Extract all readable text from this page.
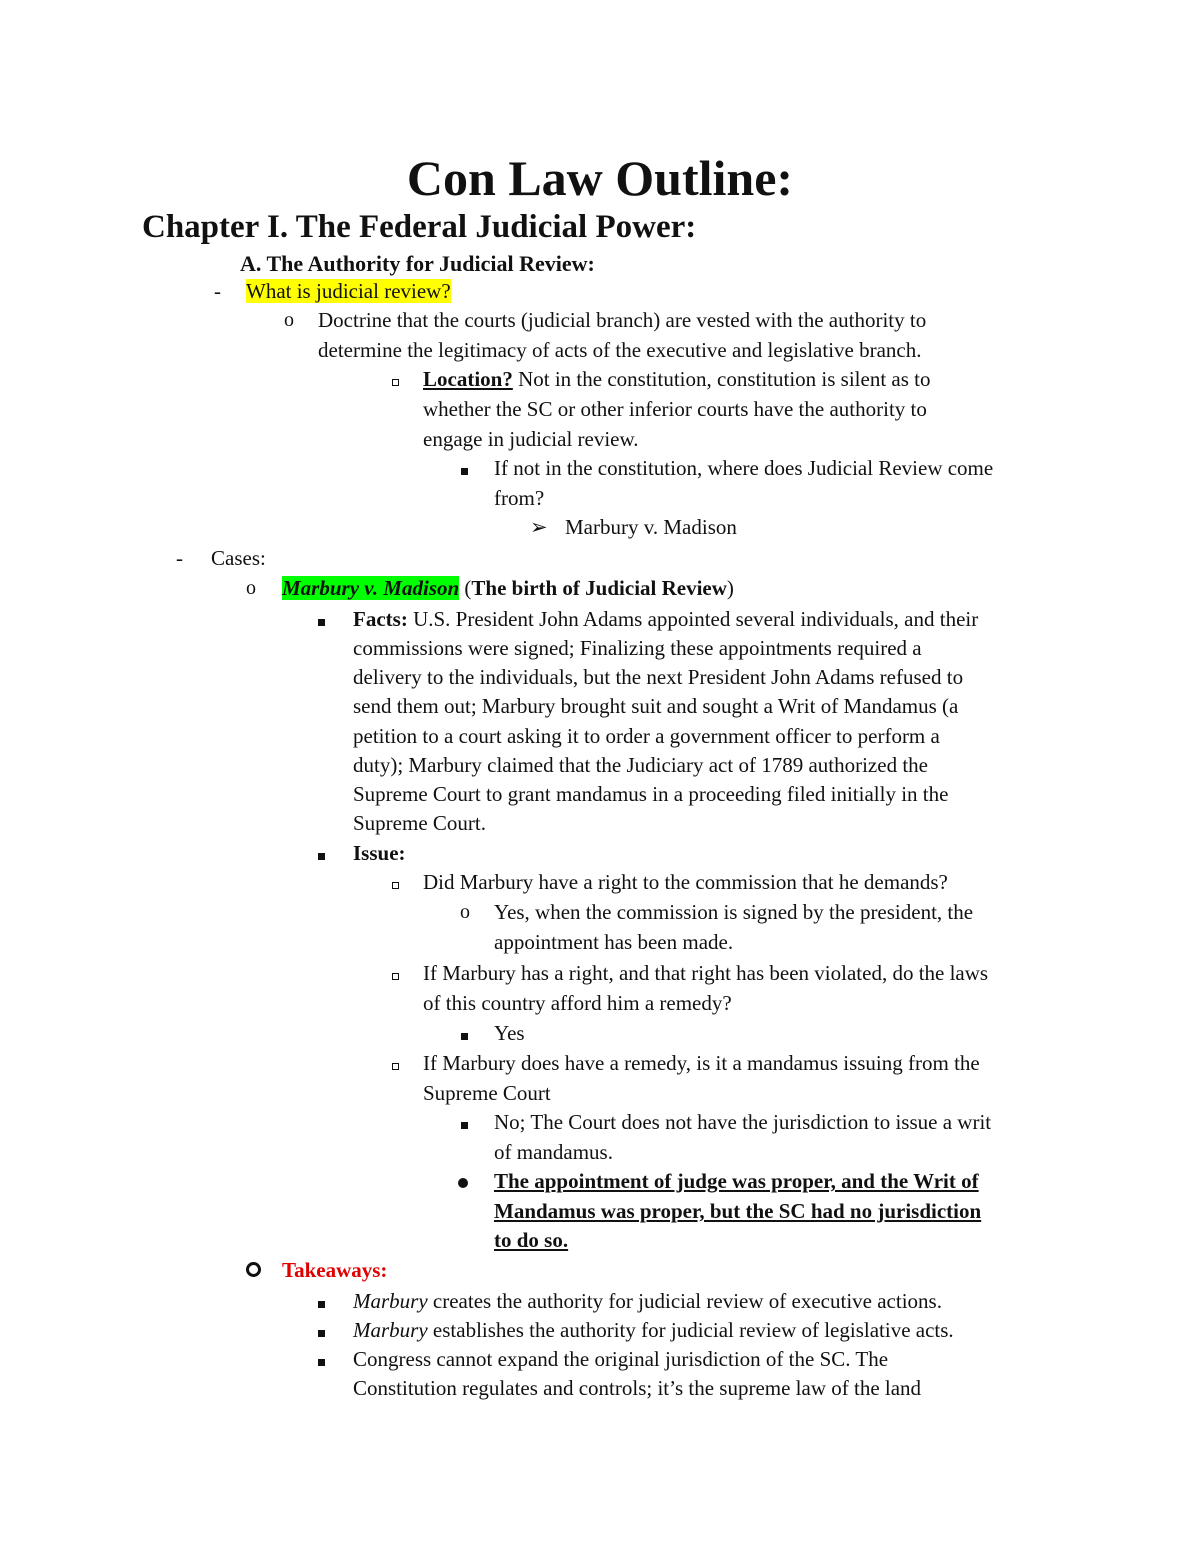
Con Law Outline:
Chapter I. The Federal Judicial Power:
A. The Authority for Judicial Review:
- What is judicial review?
o Doctrine that the courts (judicial branch) are vested with the authority to
determine the legitimacy of acts of the executive and legislative branch.
Location? Not in the constitution, constitution is silent as to
whether the SC or other inferior courts have the authority to
engage in judicial review.
If not in the constitution, where does Judicial Review come
from?
➢ Marbury v. Madison
- Cases:
o Marbury v. Madison (The birth of Judicial Review)
Facts: U.S. President John Adams appointed several individuals, and their
commissions were signed; Finalizing these appointments required a
delivery to the individuals, but the next President John Adams refused to
send them out; Marbury brought suit and sought a Writ of Mandamus (a
petition to a court asking it to order a government officer to perform a
duty); Marbury claimed that the Judiciary act of 1789 authorized the
Supreme Court to grant mandamus in a proceeding filed initially in the
Supreme Court.
Issue:
Did Marbury have a right to the commission that he demands?
o Yes, when the commission is signed by the president, the
appointment has been made.
If Marbury has a right, and that right has been violated, do the laws
of this country afford him a remedy?
Yes
If Marbury does have a remedy, is it a mandamus issuing from the
Supreme Court
No; The Court does not have the jurisdiction to issue a writ
of mandamus.
The appointment of judge was proper, and the Writ of
Mandamus was proper, but the SC had no jurisdiction
to do so.
Takeaways:
Marbury creates the authority for judicial review of executive actions.
Marbury establishes the authority for judicial review of legislative acts.
Congress cannot expand the original jurisdiction of the SC. The
Constitution regulates and controls; it’s the supreme law of the land
